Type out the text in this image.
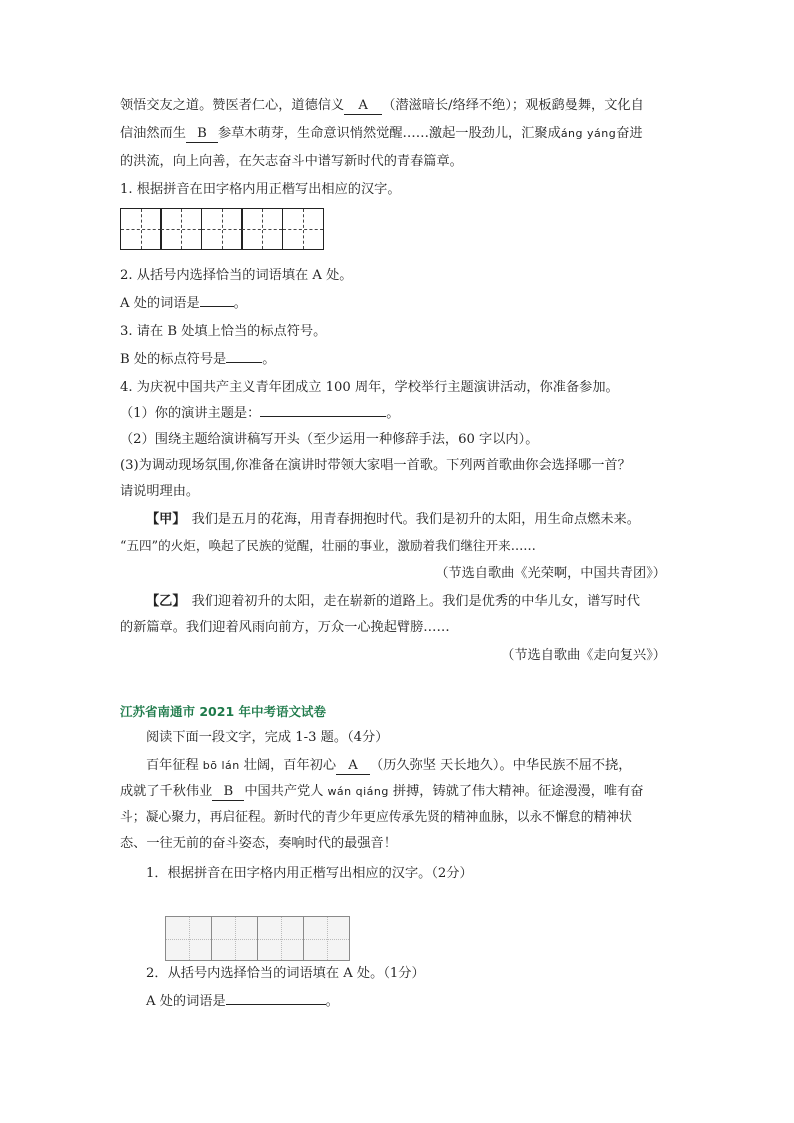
领悟交友之道。赞医者仁心，道德信义 A （潜滋暗长/络绎不绝）；观板鹞曼舞，文化自
信油然而生 B 参草木萌芽，生命意识悄然觉醒……激起一股劲儿，汇聚成áng yáng奋进
的洪流，向上向善，在矢志奋斗中谱写新时代的青春篇章。
1. 根据拼音在田字格内用正楷写出相应的汉字。
2. 从括号内选择恰当的词语填在 A 处。
A 处的词语是	。
3. 请在 B 处填上恰当的标点符号。
B 处的标点符号是	。
4. 为庆祝中国共产主义青年团成立 100 周年，学校举行主题演讲活动，你准备参加。
（1）你的演讲主题是：	。
（2）围绕主题给演讲稿写开头（至少运用一种修辞手法，60 字以内）。
(3)为调动现场氛围,你准备在演讲时带领大家唱一首歌。下列两首歌曲你会选择哪一首？
请说明理由。
【甲】 我们是五月的花海，用青春拥抱时代。我们是初升的太阳，用生命点燃未来。
“五四”的火炬，唤起了民族的觉醒，壮丽的事业，激励着我们继往开来……
（节选自歌曲《光荣啊，中国共青团》）
【乙】 我们迎着初升的太阳，走在崭新的道路上。我们是优秀的中华儿女，谱写时代
的新篇章。我们迎着风雨向前方，万众一心挽起臂膀……
（节选自歌曲《走向复兴》）
江苏省南通市 2021 年中考语文试卷
阅读下面一段文字，完成 1-3 题。（4分）
百年征程 bō lán 壮阔，百年初心 A （历久弥坚 天长地久）。中华民族不屈不挠，
成就了千秋伟业 B 中国共产党人 wán qiáng 拼搏，铸就了伟大精神。征途漫漫，唯有奋
斗；凝心聚力，再启征程。新时代的青少年更应传承先贤的精神血脉，以永不懈怠的精神状
态、一往无前的奋斗姿态，奏响时代的最强音！
1．根据拼音在田字格内用正楷写出相应的汉字。（2分）
2．从括号内选择恰当的词语填在 A 处。（1分）
A 处的词语是	。
